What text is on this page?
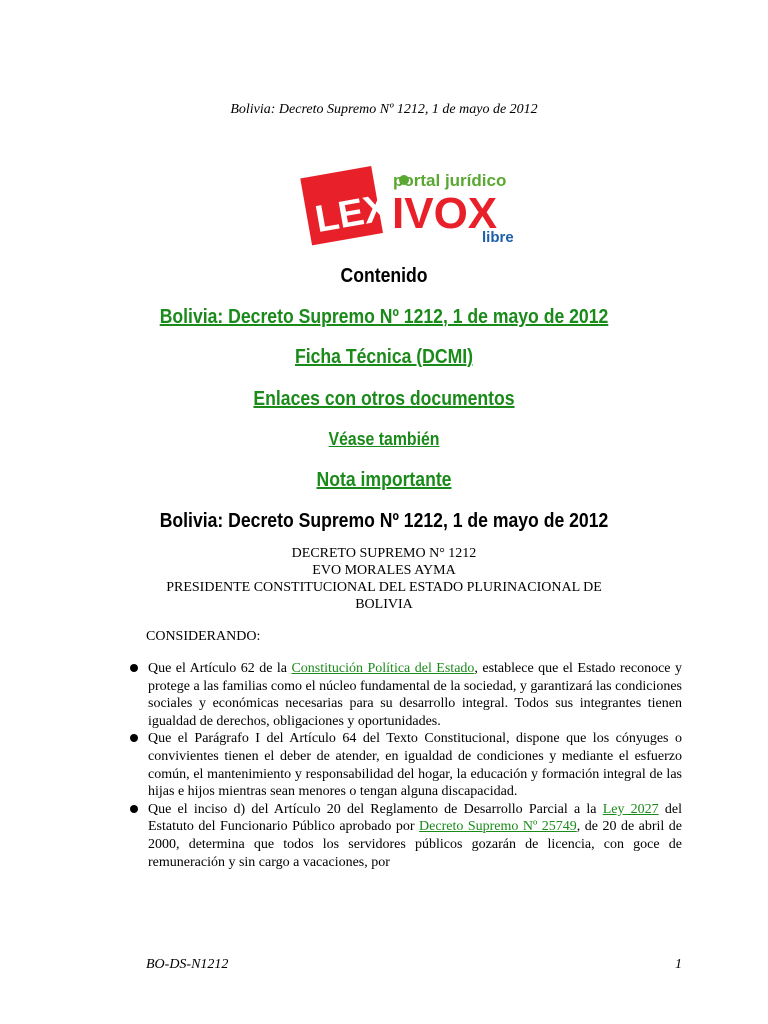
Bolivia: Decreto Supremo Nº 1212, 1 de mayo de 2012
LEX
portal jurídico
IVOX
libre
Contenido
Bolivia: Decreto Supremo Nº 1212, 1 de mayo de 2012
Ficha Técnica (DCMI)
Enlaces con otros documentos
Véase también
Nota importante
Bolivia: Decreto Supremo Nº 1212, 1 de mayo de 2012
DECRETO SUPREMO N° 1212
EVO MORALES AYMA
PRESIDENTE CONSTITUCIONAL DEL ESTADO PLURINACIONAL DE BOLIVIA
CONSIDERANDO:
Que el Artículo 62 de la Constitución Política del Estado, establece que el Estado reconoce y protege a las familias como el núcleo fundamental de la sociedad, y garantizará las condiciones sociales y económicas necesarias para su desarrollo integral. Todos sus integrantes tienen igualdad de derechos, obligaciones y oportunidades.
Que el Parágrafo I del Artículo 64 del Texto Constitucional, dispone que los cónyuges o convivientes tienen el deber de atender, en igualdad de condiciones y mediante el esfuerzo común, el mantenimiento y responsabilidad del hogar, la educación y formación integral de las hijas e hijos mientras sean menores o tengan alguna discapacidad.
Que el inciso d) del Artículo 20 del Reglamento de Desarrollo Parcial a la Ley 2027 del Estatuto del Funcionario Público aprobado por Decreto Supremo Nº 25749, de 20 de abril de 2000, determina que todos los servidores públicos gozarán de licencia, con goce de remuneración y sin cargo a vacaciones, por
BO-DS-N1212	1
